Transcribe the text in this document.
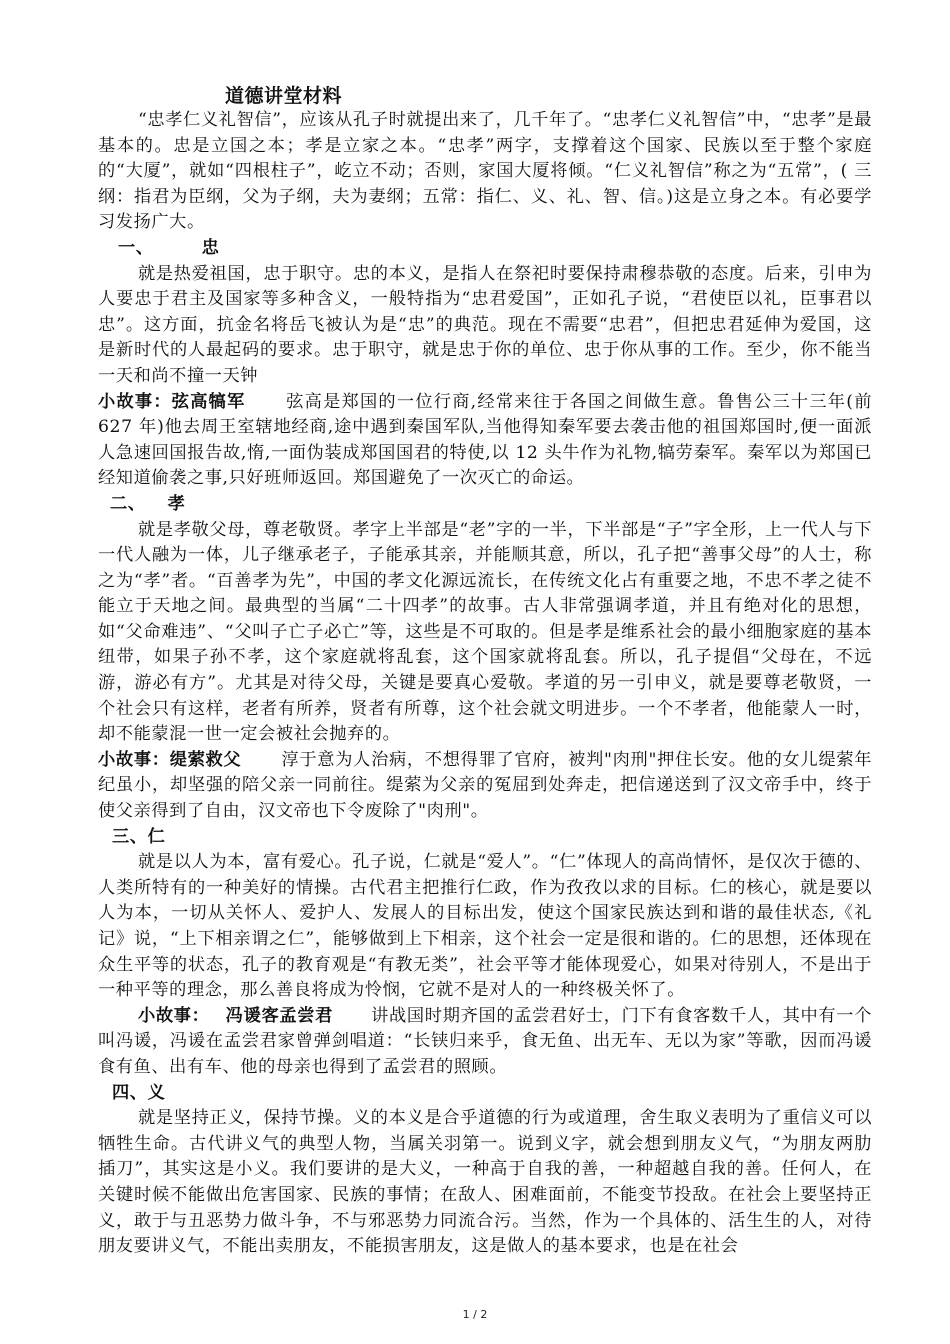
道德讲堂材料

“忠孝仁义礼智信”，应该从孔子时就提出来了，几千年了。“忠孝仁义礼智信”中，“忠孝”是最基本的。忠是立国之本；孝是立家之本。“忠孝”两字，支撑着这个国家、民族以至于整个家庭的“大厦”，就如“四根柱子”，屹立不动；否则，家国大厦将倾。“仁义礼智信”称之为“五常”，( 三纲：指君为臣纲，父为子纲，夫为妻纲；五常：指仁、义、礼、智、信。)这是立身之本。有必要学习发扬广大。

一、	忠

就是热爱祖国，忠于职守。忠的本义，是指人在祭祀时要保持肃穆恭敬的态度。后来，引申为人要忠于君主及国家等多种含义，一般特指为“忠君爱国”，正如孔子说，“君使臣以礼，臣事君以忠”。这方面，抗金名将岳飞被认为是“忠”的典范。现在不需要“忠君”，但把忠君延伸为爱国，这是新时代的人最起码的要求。忠于职守，就是忠于你的单位、忠于你从事的工作。至少，你不能当一天和尚不撞一天钟

小故事：弦高犒军 弦高是郑国的一位行商,经常来往于各国之间做生意。鲁售公三十三年(前 627 年)他去周王室辖地经商,途中遇到秦国军队,当他得知秦军要去袭击他的祖国郑国时,便一面派人急速回国报告故,惰,一面伪装成郑国国君的特使,以 12 头牛作为礼物,犒劳秦军。秦军以为郑国已经知道偷袭之事,只好班师返回。郑国避免了一次灭亡的命运。

二、 孝

就是孝敬父母，尊老敬贤。孝字上半部是“老”字的一半，下半部是“子”字全形，上一代人与下一代人融为一体，儿子继承老子，子能承其亲，并能顺其意，所以，孔子把“善事父母”的人士，称之为“孝”者。“百善孝为先”，中国的孝文化源远流长，在传统文化占有重要之地，不忠不孝之徒不能立于天地之间。最典型的当属“二十四孝”的故事。古人非常强调孝道，并且有绝对化的思想，如“父命难违”、“父叫子亡子必亡”等，这些是不可取的。但是孝是维系社会的最小细胞家庭的基本纽带，如果子孙不孝，这个家庭就将乱套，这个国家就将乱套。所以，孔子提倡“父母在，不远游，游必有方”。尤其是对待父母，关键是要真心爱敬。孝道的另一引申义，就是要尊老敬贤，一个社会只有这样，老者有所养，贤者有所尊，这个社会就文明进步。一个不孝者，他能蒙人一时，却不能蒙混一世一定会被社会抛弃的。

小故事：缇萦救父 淳于意为人治病，不想得罪了官府，被判"肉刑"押住长安。他的女儿缇萦年纪虽小，却坚强的陪父亲一同前往。缇萦为父亲的冤屈到处奔走，把信递送到了汉文帝手中，终于使父亲得到了自由，汉文帝也下令废除了"肉刑"。

三、仁

就是以人为本，富有爱心。孔子说，仁就是“爱人”。“仁”体现人的高尚情怀，是仅次于德的、人类所特有的一种美好的情操。古代君主把推行仁政，作为孜孜以求的目标。仁的核心，就是要以人为本，一切从关怀人、爱护人、发展人的目标出发，使这个国家民族达到和谐的最佳状态,《礼记》说，“上下相亲谓之仁”，能够做到上下相亲，这个社会一定是很和谐的。仁的思想，还体现在众生平等的状态，孔子的教育观是“有教无类”，社会平等才能体现爱心，如果对待别人，不是出于一种平等的理念，那么善良将成为怜悯，它就不是对人的一种终极关怀了。

小故事： 冯谖客孟尝君 讲战国时期齐国的孟尝君好士，门下有食客数千人，其中有一个叫冯谖，冯谖在孟尝君家曾弹剑唱道：“长铗归来乎，食无鱼、出无车、无以为家”等歌，因而冯谖食有鱼、出有车、他的母亲也得到了孟尝君的照顾。

四、义

就是坚持正义，保持节操。义的本义是合乎道德的行为或道理，舍生取义表明为了重信义可以牺牲生命。古代讲义气的典型人物，当属关羽第一。说到义字，就会想到朋友义气，“为朋友两肋插刀”，其实这是小义。我们要讲的是大义，一种高于自我的善，一种超越自我的善。任何人，在关键时候不能做出危害国家、民族的事情；在敌人、困难面前，不能变节投敌。在社会上要坚持正义，敢于与丑恶势力做斗争，不与邪恶势力同流合污。当然，作为一个具体的、活生生的人，对待朋友要讲义气，不能出卖朋友，不能损害朋友，这是做人的基本要求，也是在社会

1 / 2
